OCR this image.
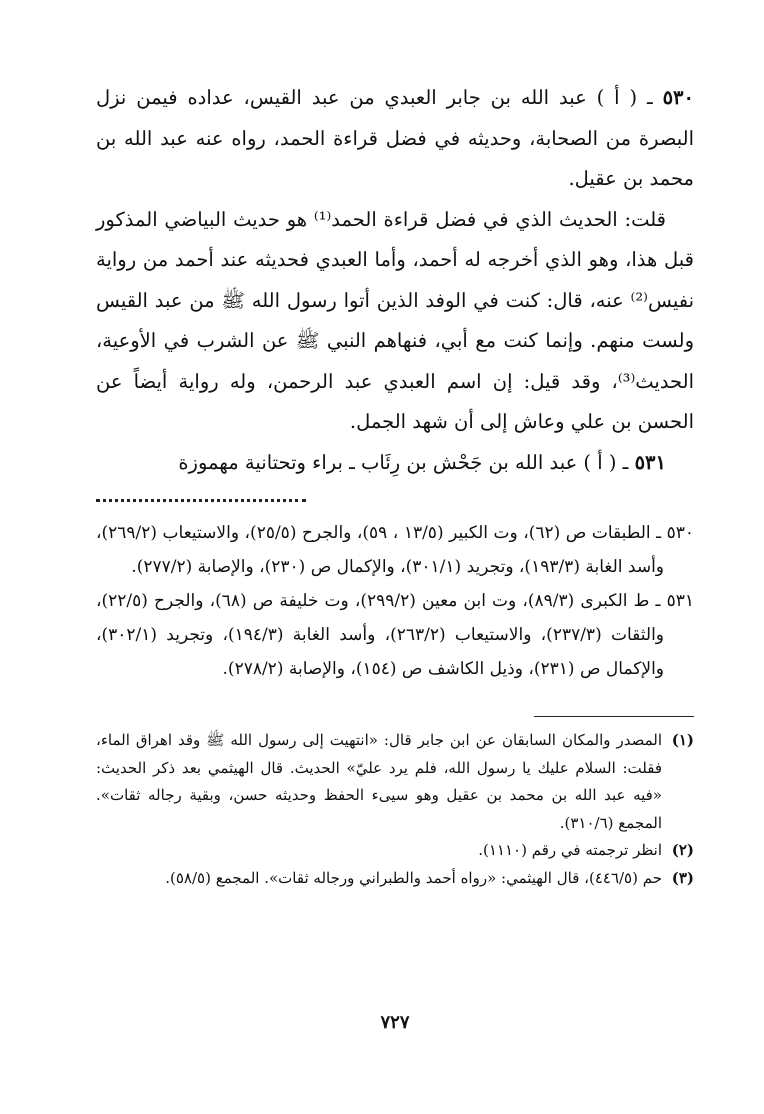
٥٣٠ ـ ( أ ) عبد الله بن جابر العبدي من عبد القيس، عداده فيمن نزل البصرة من الصحابة، وحديثه في فضل قراءة الحمد، رواه عنه عبد الله بن محمد بن عقيل.

قلت: الحديث الذي في فضل قراءة الحمد⁽¹⁾ هو حديث البياضي المذكور قبل هذا، وهو الذي أخرجه له أحمد، وأما العبدي فحديثه عند أحمد من رواية نفيس⁽²⁾ عنه، قال: كنت في الوفد الذين أتوا رسول الله ﷺ من عبد القيس ولست منهم. وإنما كنت مع أبي، فنهاهم النبي ﷺ عن الشرب في الأوعية، الحديث⁽³⁾، وقد قيل: إن اسم العبدي عبد الرحمن، وله رواية أيضاً عن الحسن بن علي وعاش إلى أن شهد الجمل.

٥٣١ ـ ( أ ) عبد الله بن جَحْش بن رِئَاب ـ براء وتحتانية مهموزة

٥٣٠ ـ الطبقات ص (٦٢)، وت الكبير (١٣/٥ ، ٥٩)، والجرح (٢٥/٥)، والاستيعاب (٢٦٩/٢)، وأسد الغابة (١٩٣/٣)، وتجريد (٣٠١/١)، والإكمال ص (٢٣٠)، والإصابة (٢٧٧/٢).

٥٣١ ـ ط الكبرى (٨٩/٣)، وت ابن معين (٢٩٩/٢)، وت خليفة ص (٦٨)، والجرح (٢٢/٥)، والثقات (٢٣٧/٣)، والاستيعاب (٢٦٣/٢)، وأسد الغابة (١٩٤/٣)، وتجريد (٣٠٢/١)، والإكمال ص (٢٣١)، وذيل الكاشف ص (١٥٤)، والإصابة (٢٧٨/٢).

(١)
المصدر والمكان السابقان عن ابن جابر قال: «انتهيت إلى رسول الله ﷺ وقد اهراق الماء، فقلت: السلام عليك يا رسول الله، فلم يرد عليّ» الحديث. قال الهيثمي بعد ذكر الحديث: «فيه عبد الله بن محمد بن عقيل وهو سيىء الحفظ وحديثه حسن، وبقية رجاله ثقات». المجمع (٣١٠/٦).
(٢)
انظر ترجمته في رقم (١١١٠).
(٣)
حم (٤٤٦/٥)، قال الهيثمي: «رواه أحمد والطبراني ورجاله ثقات». المجمع (٥٨/٥).
٧٢٧
